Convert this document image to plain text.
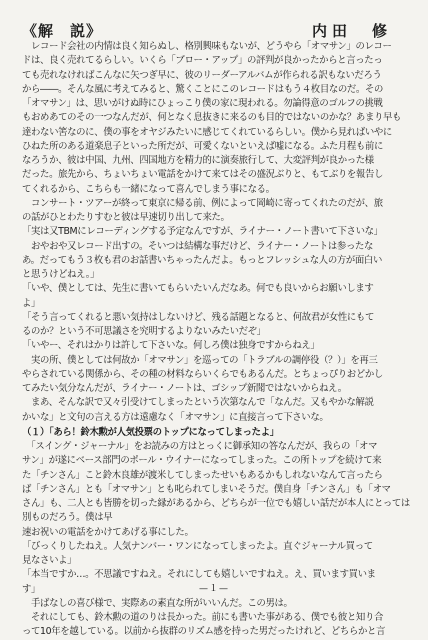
《解　説》	内田　修

　レコード会社の内情は良く知らぬし、格別興味もないが、どうやら「オマサン」のレコー
ドは、良く売れてるらしい。いくら「ブロー・アップ」の評判が良かったからと言ったっ
ても売れなければこんなに矢つぎ早に、彼のリーダーアルバムが作られる訳もないだろう
から――。そんな風に考えてみると、驚くことにこのレコードはもう４枚目なのだ。その
「オマサン」は、思いがけぬ時にひょっこり僕の家に現われる。勿論得意のゴルフの挑戦
もおめあてのその一つなんだが、何となく息抜きに来るのも目的ではないのかな？あまり早も
達わない筈なのに、僕の事をオヤジみたいに感じてくれているらしい。僕から見ればいやに
ひねた所のある道楽息子といった所だが、可愛くないといえば嘘になる。ふた月程も前に
なろうか、彼は中国、九州、四国地方を精力的に演奏旅行して、大変評判が良かった様
だった。旅先から、ちょいちょい電話をかけて来てはその盛況ぶりと、もてぶりを報告し
てくれるから、こちらも一緒になって喜んでしまう事になる。

　コンサート・ツアーが終って東京に帰る前、例によって岡崎に寄ってくれたのだが、旅
の話がひとわたりすむと彼は早速切り出して来た。

「実は又TBMにレコーディングする予定なんですが、ライナー・ノート書いて下さいな」

　おやおや又レコード出すの。そいつは結構な事だけど、ライナー・ノートは参ったな
あ。だってもう３枚も君のお話書いちゃったんだよ。もっとフレッシュな人の方が面白い
と思うけどねえ。」

「いや、僕としては、先生に書いてもらいたいんだなあ。何でも良いからお願いします
よ」

「そう言ってくれると悪い気持はしないけど、残る話題となると、何故君が女性にもて
るのか？という不可思議さを究明するよりないみたいだぞ」

「いやー、それはかりは許して下さいな。何しろ僕は独身ですからねえ」

　実の所、僕としては何故か「オマサン」を巡っての「トラブルの調停役（？）」を再三
やらされている関係から、その種の材料ならいくらでもあるんだ。とちょっぴりおどかし
てみたい気分なんだが、ライナー・ノートは、ゴシップ新聞ではないからねえ。

　まあ、そんな訳で又々引受けてしまったという次第なんで「なんだ。又もやかな解説
かいな」と文句の言える方は遠慮なく「オマサン」に直接言って下さいな。

（１）「あら！鈴木勲が人気投票のトップになってしまったよ」

　「スイング・ジャーナル」をお読みの方はとっくに御承知の答なんだが、我らの「オマ
サン」が遂にベース部門のポール・ウイナーになってしまった。この所トップを続けて来
た「チンさん」こと鈴木良雄が渡米してしまったせいもあるかもしれないなんて言ったら
ば「チンさん」とも「オマサン」とも叱られてしまいそうだ。僕自身「チンさん」も「オマ
さん」も、二人とも皆勝を切った縁があるから、どちらが一位でも嬉しい話だが本人にとっては別ものだろう。僕は早
速お祝いの電話をかけてあげる事にした。

「びっくりしたねえ。人気ナンバー・ワンになってしまったよ。直ぐジャーナル買って
見なさいよ」

「本当ですか…。不思議ですねえ。それにしても嬉しいですねえ。え、買います買いま
す」

　手ばなしの喜び様で、実際あの素直な所がいいんだ。この男は。

　それにしても、鈴木勲の道のりは長かった。前にも書いた事がある、僕でも彼と知り合
って10年を越している。以前から抜群のリズム感を持った男だったけれど、どちらかと言

—１—
